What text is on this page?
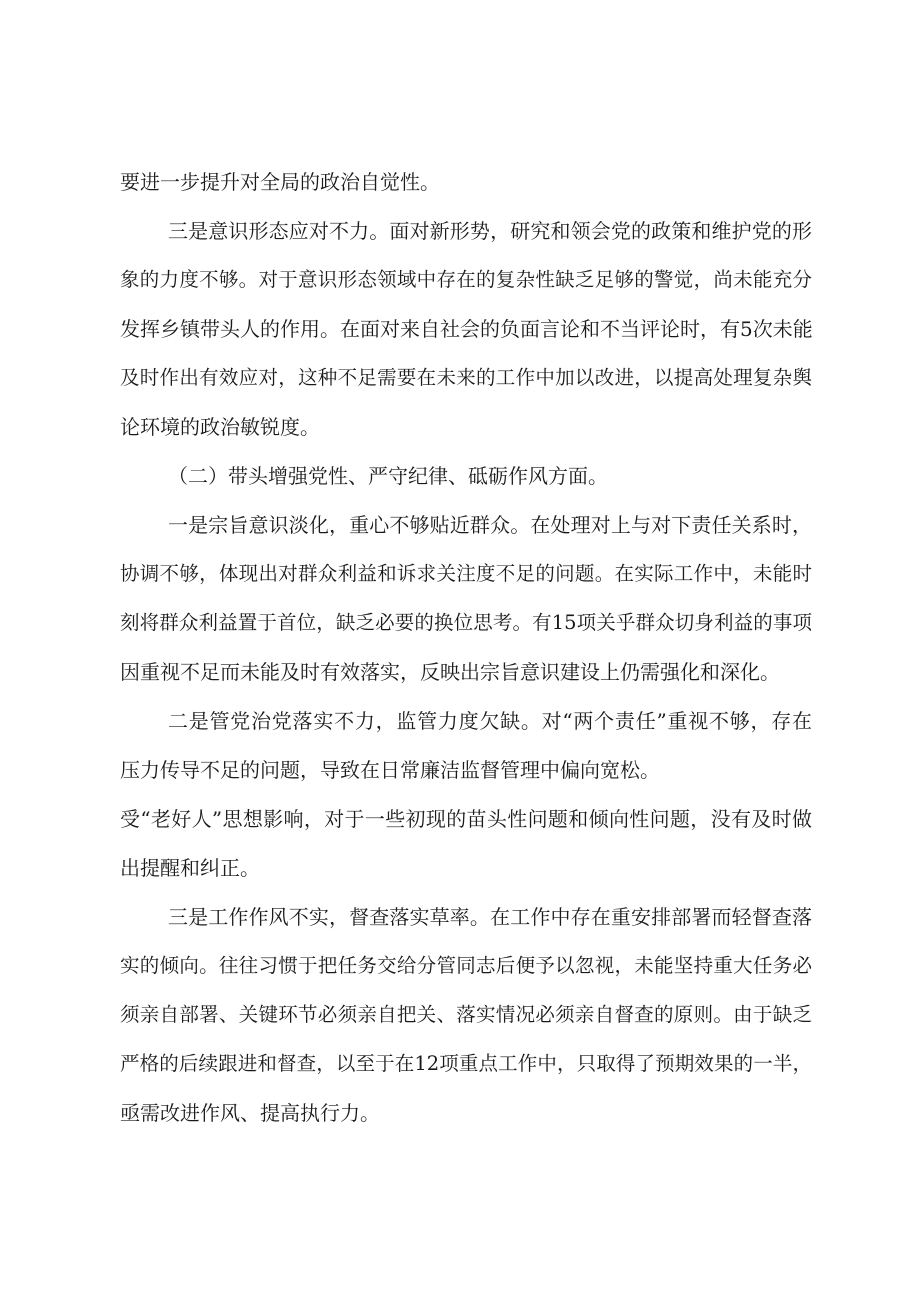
要进一步提升对全局的政治自觉性。
三是意识形态应对不力。面对新形势，研究和领会党的政策和维护党的形
象的力度不够。对于意识形态领域中存在的复杂性缺乏足够的警觉，尚未能充分
发挥乡镇带头人的作用。在面对来自社会的负面言论和不当评论时，有5次未能
及时作出有效应对，这种不足需要在未来的工作中加以改进，以提高处理复杂舆
论环境的政治敏锐度。
（二）带头增强党性、严守纪律、砥砺作风方面。
一是宗旨意识淡化，重心不够贴近群众。在处理对上与对下责任关系时，
协调不够，体现出对群众利益和诉求关注度不足的问题。在实际工作中，未能时
刻将群众利益置于首位，缺乏必要的换位思考。有15项关乎群众切身利益的事项
因重视不足而未能及时有效落实，反映出宗旨意识建设上仍需强化和深化。
二是管党治党落实不力，监管力度欠缺。对“两个责任”重视不够，存在
压力传导不足的问题，导致在日常廉洁监督管理中偏向宽松。
受“老好人”思想影响，对于一些初现的苗头性问题和倾向性问题，没有及时做
出提醒和纠正。
三是工作作风不实，督查落实草率。在工作中存在重安排部署而轻督查落
实的倾向。往往习惯于把任务交给分管同志后便予以忽视，未能坚持重大任务必
须亲自部署、关键环节必须亲自把关、落实情况必须亲自督查的原则。由于缺乏
严格的后续跟进和督查，以至于在12项重点工作中，只取得了预期效果的一半，
亟需改进作风、提高执行力。
